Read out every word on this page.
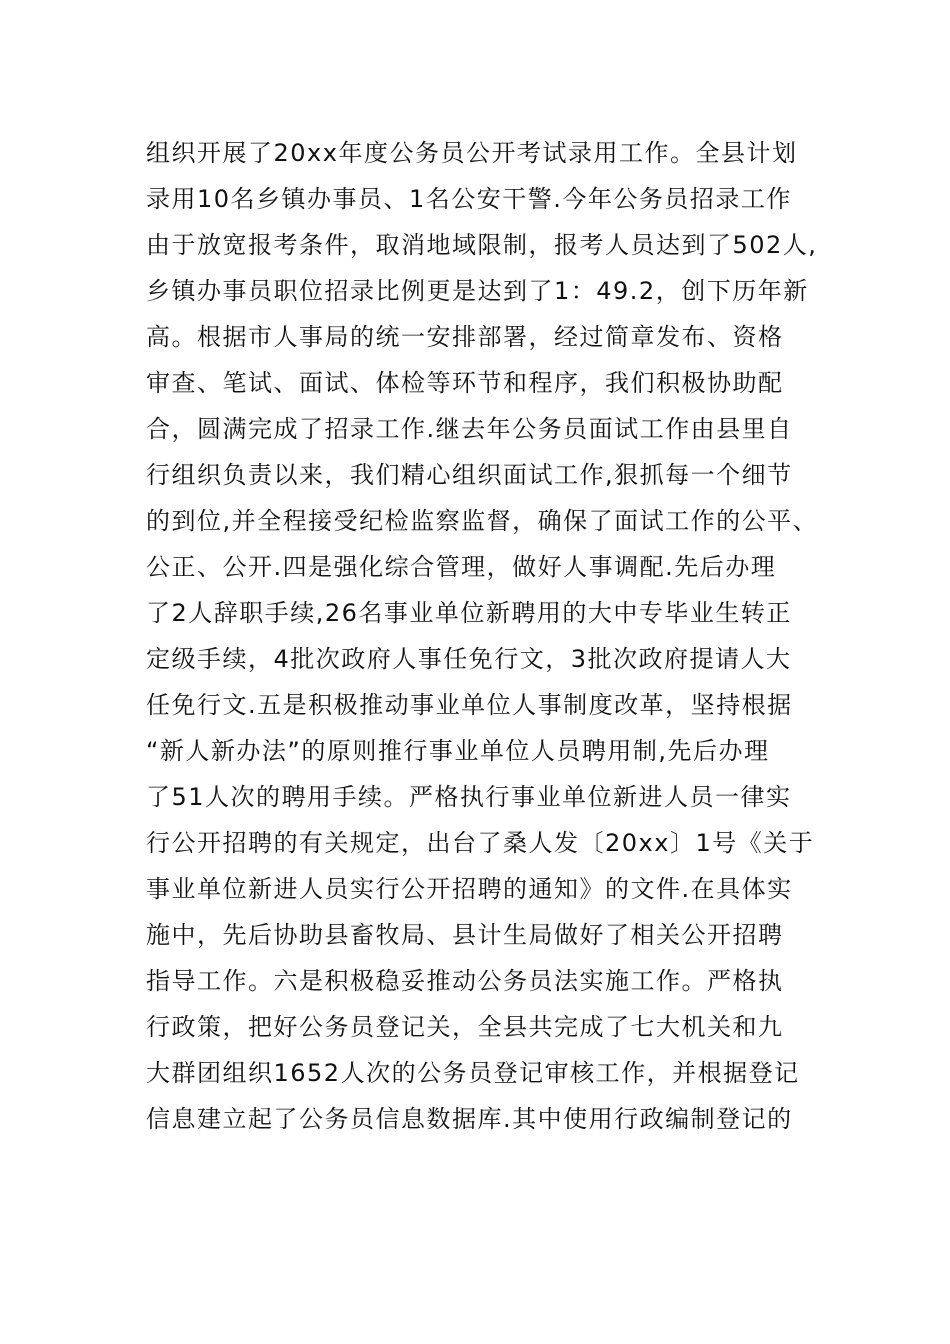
组织开展了20xx年度公务员公开考试录用工作。全县计划
录用10名乡镇办事员、1名公安干警.今年公务员招录工作
由于放宽报考条件，取消地域限制，报考人员达到了502人,
乡镇办事员职位招录比例更是达到了1：49.2，创下历年新
高。根据市人事局的统一安排部署，经过简章发布、资格
审查、笔试、面试、体检等环节和程序，我们积极协助配
合，圆满完成了招录工作.继去年公务员面试工作由县里自
行组织负责以来，我们精心组织面试工作,狠抓每一个细节
的到位,并全程接受纪检监察监督，确保了面试工作的公平、
公正、公开.四是强化综合管理，做好人事调配.先后办理
了2人辞职手续,26名事业单位新聘用的大中专毕业生转正
定级手续，4批次政府人事任免行文，3批次政府提请人大
任免行文.五是积极推动事业单位人事制度改革，坚持根据
“新人新办法”的原则推行事业单位人员聘用制,先后办理
了51人次的聘用手续。严格执行事业单位新进人员一律实
行公开招聘的有关规定，出台了桑人发〔20xx〕1号《关于
事业单位新进人员实行公开招聘的通知》的文件.在具体实
施中，先后协助县畜牧局、县计生局做好了相关公开招聘
指导工作。六是积极稳妥推动公务员法实施工作。严格执
行政策，把好公务员登记关，全县共完成了七大机关和九
大群团组织1652人次的公务员登记审核工作，并根据登记
信息建立起了公务员信息数据库.其中使用行政编制登记的
